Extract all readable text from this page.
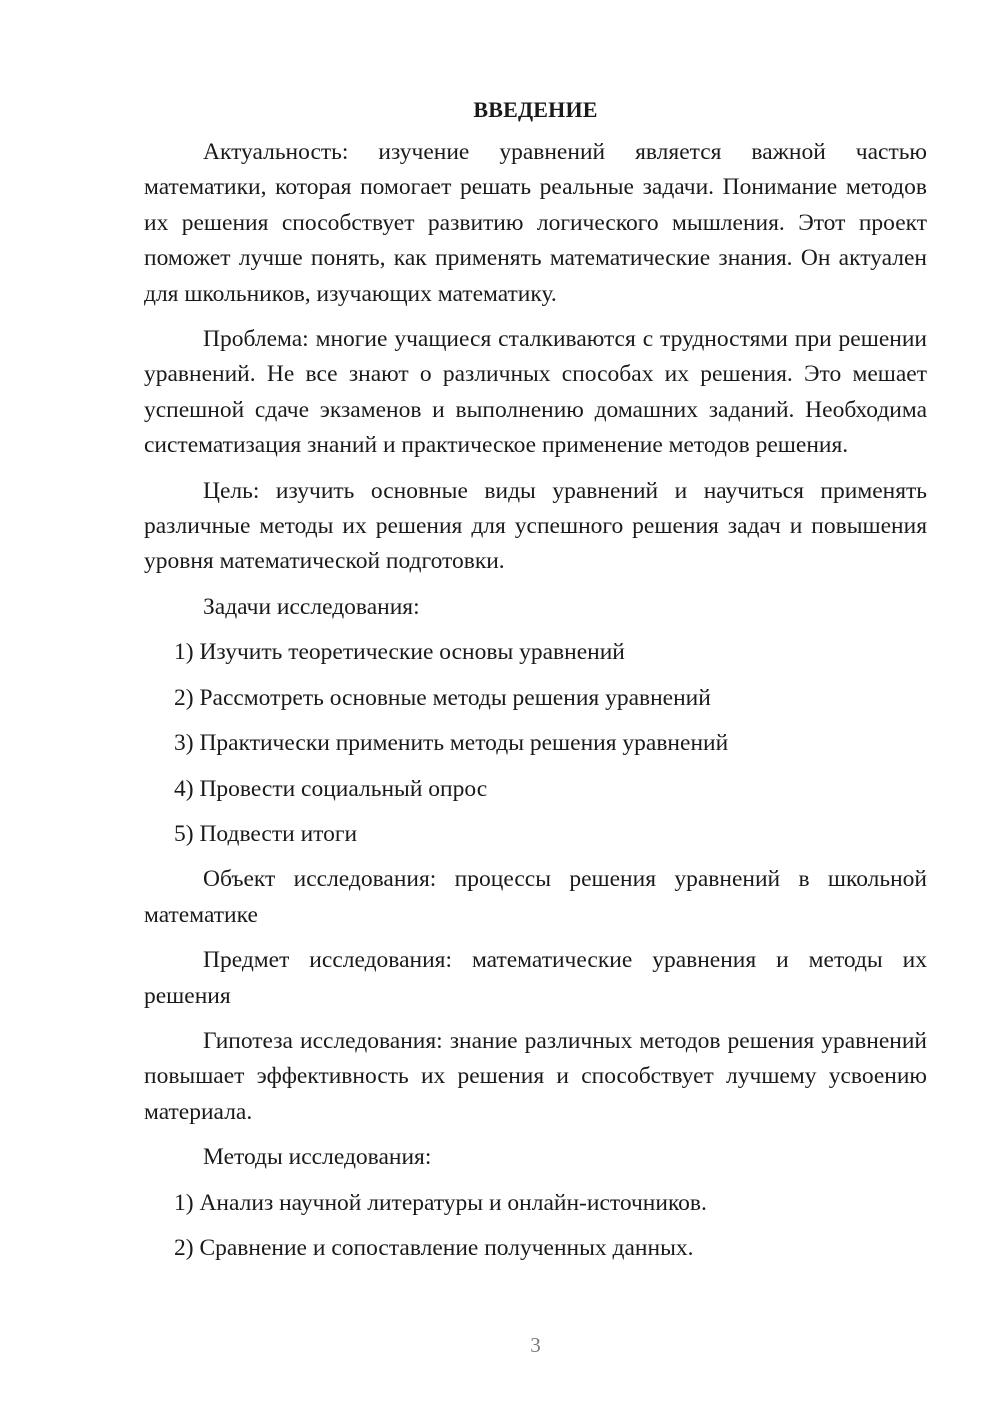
ВВЕДЕНИЕ

Актуальность: изучение уравнений является важной частью математики, которая помогает решать реальные задачи. Понимание методов их решения способствует развитию логического мышления. Этот проект поможет лучше понять, как применять математические знания. Он актуален для школьников, изучающих математику.

Проблема: многие учащиеся сталкиваются с трудностями при решении уравнений. Не все знают о различных способах их решения. Это мешает успешной сдаче экзаменов и выполнению домашних заданий. Необходима систематизация знаний и практическое применение методов решения.

Цель: изучить основные виды уравнений и научиться применять различные методы их решения для успешного решения задач и повышения уровня математической подготовки.

Задачи исследования:

1) Изучить теоретические основы уравнений

2) Рассмотреть основные методы решения уравнений

3) Практически применить методы решения уравнений

4) Провести социальный опрос

5) Подвести итоги

Объект исследования: процессы решения уравнений в школьной математике

Предмет исследования: математические уравнения и методы их решения

Гипотеза исследования: знание различных методов решения уравнений повышает эффективность их решения и способствует лучшему усвоению материала.

Методы исследования:

1) Анализ научной литературы и онлайн-источников.

2) Сравнение и сопоставление полученных данных.

3
